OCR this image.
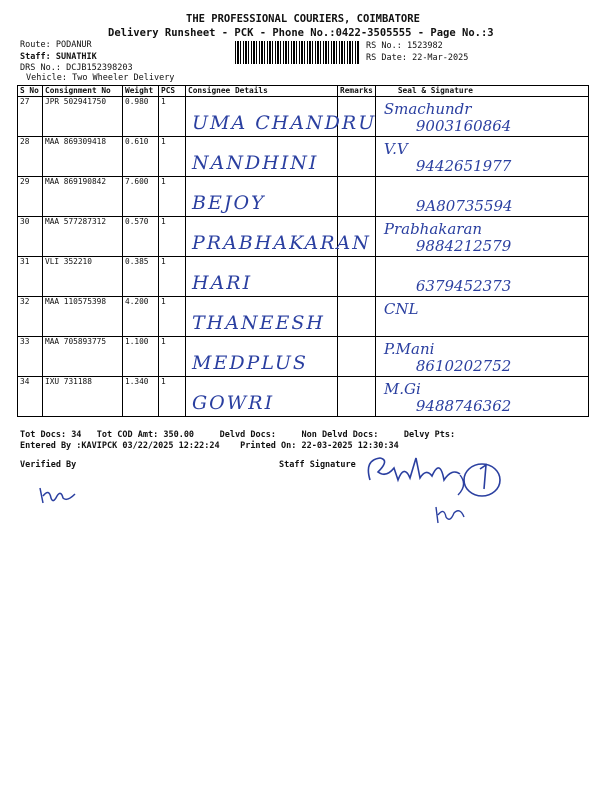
THE PROFESSIONAL COURIERS, COIMBATORE
Delivery Runsheet - PCK - Phone No.:0422-3505555 - Page No.:3
Route: PODANUR
Staff: SUNATHIK
DRS No.: DCJB152398203
Vehicle: Two Wheeler Delivery
RS No.: 1523982
RS Date: 22-Mar-2025
S No	Consignment No	Weight	PCS	Consignee Details	Remarks	Seal & Signature
27	JPR 502941750	0.980	1	UMA CHANDRU		Smachundr
9003160864

28	MAA 869309418	0.610	1	NANDHINI		V.V
9442651977

29	MAA 869190842	7.600	1	BEJOY		9A80735594

30	MAA 577287312	0.570	1	PRABHAKARAN		Prabhakaran
9884212579

31	VLI 352210	0.385	1	HARI		6379452373

32	MAA 110575398	4.200	1	THANEESH		CNL

33	MAA 705893775	1.100	1	MEDPLUS		P.Mani
8610202752

34	IXU 731188	1.340	1	GOWRI		M.Gi
9488746362
Tot Docs: 34 Tot COD Amt: 350.00	Delvd Docs:	Non Delvd Docs:	Delvy Pts:
Entered By :KAVIPCK 03/22/2025 12:22:24 Printed On: 22-03-2025 12:30:34
Verified By	Staff Signature
